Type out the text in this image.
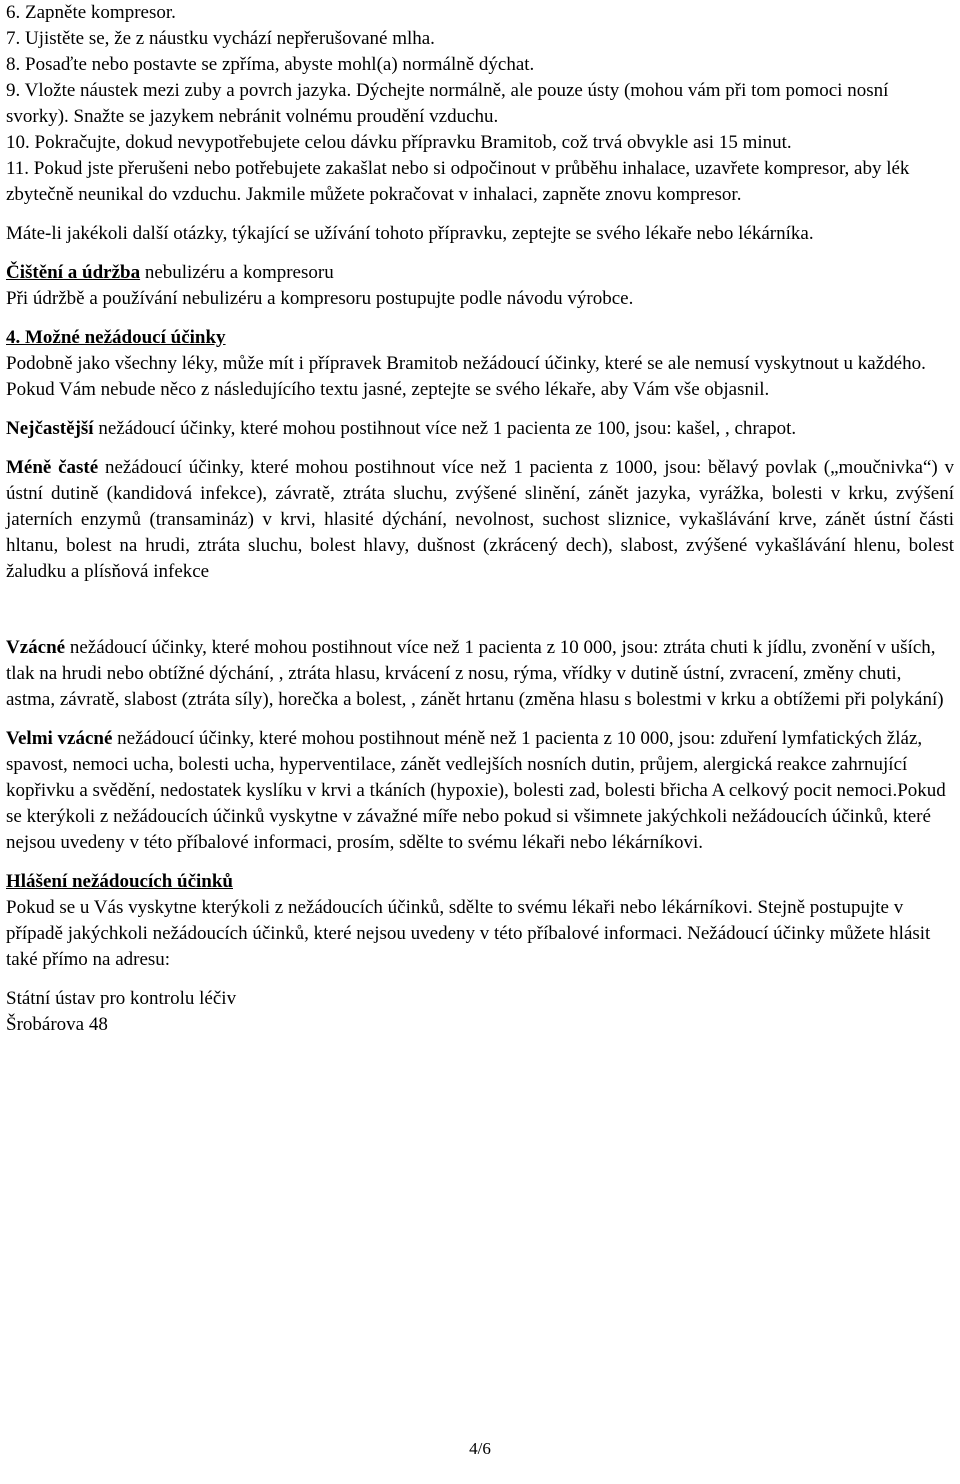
6. Zapněte kompresor.

7. Ujistěte se, že z náustku vychází nepřerušované mlha.

8. Posaďte nebo postavte se zpříma, abyste mohl(a) normálně dýchat.

9. Vložte náustek mezi zuby a povrch jazyka. Dýchejte normálně, ale pouze ústy (mohou vám při tom pomoci nosní svorky). Snažte se jazykem nebránit volnému proudění vzduchu.

10. Pokračujte, dokud nevypotřebujete celou dávku přípravku Bramitob, což trvá obvykle asi 15 minut.

11. Pokud jste přerušeni nebo potřebujete zakašlat nebo si odpočinout v průběhu inhalace, uzavřete kompresor, aby lék zbytečně neunikal do vzduchu. Jakmile můžete pokračovat v inhalaci, zapněte znovu kompresor.

Máte-li jakékoli další otázky, týkající se užívání tohoto přípravku, zeptejte se svého lékaře nebo lékárníka.

Čištění a údržba nebulizéru a kompresoru

Při údržbě a používání nebulizéru a kompresoru postupujte podle návodu výrobce.

4. Možné nežádoucí účinky

Podobně jako všechny léky, může mít i přípravek Bramitob nežádoucí účinky, které se ale nemusí vyskytnout u každého.

Pokud Vám nebude něco z následujícího textu jasné, zeptejte se svého lékaře, aby Vám vše objasnil.

Nejčastější nežádoucí účinky, které mohou postihnout více než 1 pacienta ze 100, jsou: kašel, , chrapot.

Méně časté nežádoucí účinky, které mohou postihnout více než 1 pacienta z 1000, jsou: bělavý povlak („moučnivka“) v ústní dutině (kandidová infekce), závratě, ztráta sluchu, zvýšené slinění, zánět jazyka, vyrážka, bolesti v krku, zvýšení jaterních enzymů (transamináz) v krvi, hlasité dýchání, nevolnost, suchost sliznice, vykašlávání krve, zánět ústní části hltanu, bolest na hrudi, ztráta sluchu, bolest hlavy, dušnost (zkrácený dech), slabost, zvýšené vykašlávání hlenu, bolest žaludku a plísňová infekce

Vzácné nežádoucí účinky, které mohou postihnout více než 1 pacienta z 10 000, jsou: ztráta chuti k jídlu, zvonění v uších, tlak na hrudi nebo obtížné dýchání, , ztráta hlasu, krvácení z nosu, rýma, vřídky v dutině ústní, zvracení, změny chuti, astma, závratě, slabost (ztráta síly), horečka a bolest, , zánět hrtanu (změna hlasu s bolestmi v krku a obtížemi při polykání)

Velmi vzácné nežádoucí účinky, které mohou postihnout méně než 1 pacienta z 10 000, jsou: zduření lymfatických žláz, spavost, nemoci ucha, bolesti ucha, hyperventilace, zánět vedlejších nosních dutin, průjem, alergická reakce zahrnující kopřivku a svědění, nedostatek kyslíku v krvi a tkáních (hypoxie), bolesti zad, bolesti břicha A celkový pocit nemoci.Pokud se kterýkoli z nežádoucích účinků vyskytne v závažné míře nebo pokud si všimnete jakýchkoli nežádoucích účinků, které nejsou uvedeny v této příbalové informaci, prosím, sdělte to svému lékaři nebo lékárníkovi.

Hlášení nežádoucích účinků

Pokud se u Vás vyskytne kterýkoli z nežádoucích účinků, sdělte to svému lékaři nebo lékárníkovi. Stejně postupujte v případě jakýchkoli nežádoucích účinků, které nejsou uvedeny v této příbalové informaci. Nežádoucí účinky můžete hlásit také přímo na adresu:

Státní ústav pro kontrolu léčiv

Šrobárova 48

4/6
